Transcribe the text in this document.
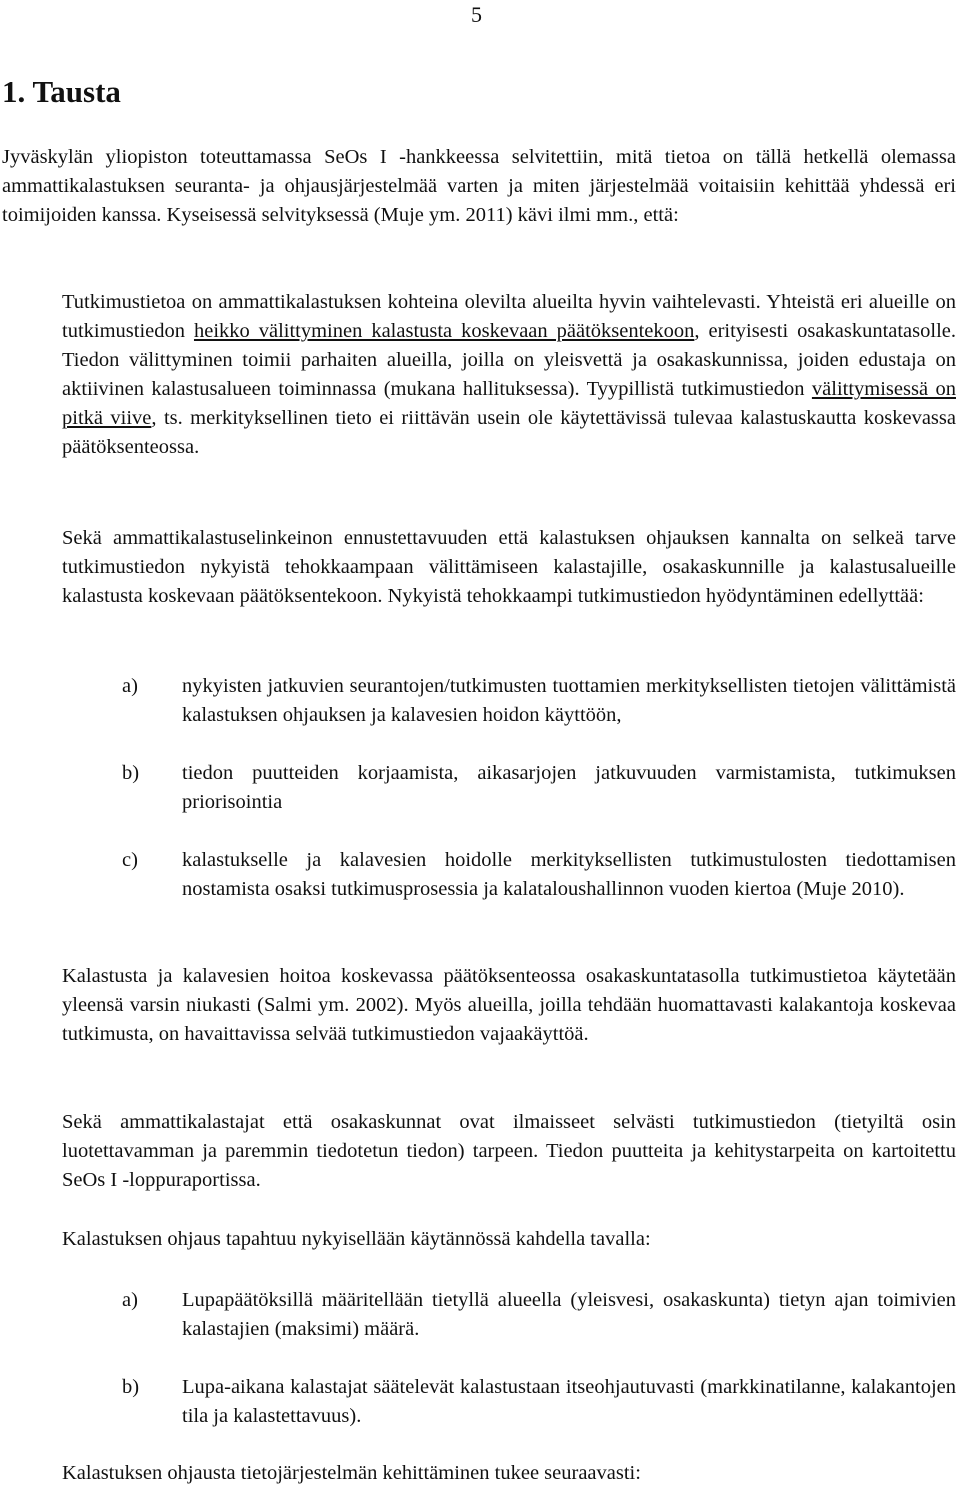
5
1. Tausta

Jyväskylän yliopiston toteuttamassa SeOs I -hankkeessa selvitettiin, mitä tietoa on tällä hetkellä olemassa ammattikalastuksen seuranta- ja ohjausjärjestelmää varten ja miten järjestelmää voitaisiin kehittää yhdessä eri toimijoiden kanssa. Kyseisessä selvityksessä (Muje ym. 2011) kävi ilmi mm., että:

Tutkimustietoa on ammattikalastuksen kohteina olevilta alueilta hyvin vaihtelevasti. Yhteistä eri alueille on tutkimustiedon heikko välittyminen kalastusta koskevaan päätöksentekoon, erityisesti osakaskuntatasolle. Tiedon välittyminen toimii parhaiten alueilla, joilla on yleisvettä ja osakaskunnissa, joiden edustaja on aktiivinen kalastusalueen toiminnassa (mukana hallituksessa). Tyypillistä tutkimustiedon välittymisessä on pitkä viive, ts. merkityksellinen tieto ei riittävän usein ole käytettävissä tulevaa kalastuskautta koskevassa päätöksenteossa.

Sekä ammattikalastuselinkeinon ennustettavuuden että kalastuksen ohjauksen kannalta on selkeä tarve tutkimustiedon nykyistä tehokkaampaan välittämiseen kalastajille, osakaskunnille ja kalastusalueille kalastusta koskevaan päätöksentekoon. Nykyistä tehokkaampi tutkimustiedon hyödyntäminen edellyttää:

a) nykyisten jatkuvien seurantojen/tutkimusten tuottamien merkityksellisten tietojen välittämistä kalastuksen ohjauksen ja kalavesien hoidon käyttöön,

b) tiedon puutteiden korjaamista, aikasarjojen jatkuvuuden varmistamista, tutkimuksen priorisointia

c) kalastukselle ja kalavesien hoidolle merkityksellisten tutkimustulosten tiedottamisen nostamista osaksi tutkimusprosessia ja kalataloushallinnon vuoden kiertoa (Muje 2010).

Kalastusta ja kalavesien hoitoa koskevassa päätöksenteossa osakaskuntatasolla tutkimustietoa käytetään yleensä varsin niukasti (Salmi ym. 2002). Myös alueilla, joilla tehdään huomattavasti kalakantoja koskevaa tutkimusta, on havaittavissa selvää tutkimustiedon vajaakäyttöä.

Sekä ammattikalastajat että osakaskunnat ovat ilmaisseet selvästi tutkimustiedon (tietyiltä osin luotettavamman ja paremmin tiedotetun tiedon) tarpeen. Tiedon puutteita ja kehitystarpeita on kartoitettu SeOs I -loppuraportissa.

Kalastuksen ohjaus tapahtuu nykyisellään käytännössä kahdella tavalla:

a) Lupapäätöksillä määritellään tietyllä alueella (yleisvesi, osakaskunta) tietyn ajan toimivien kalastajien (maksimi) määrä.

b) Lupa-aikana kalastajat säätelevät kalastustaan itseohjautuvasti (markkinatilanne, kalakantojen tila ja kalastettavuus).

Kalastuksen ohjausta tietojärjestelmän kehittäminen tukee seuraavasti:
